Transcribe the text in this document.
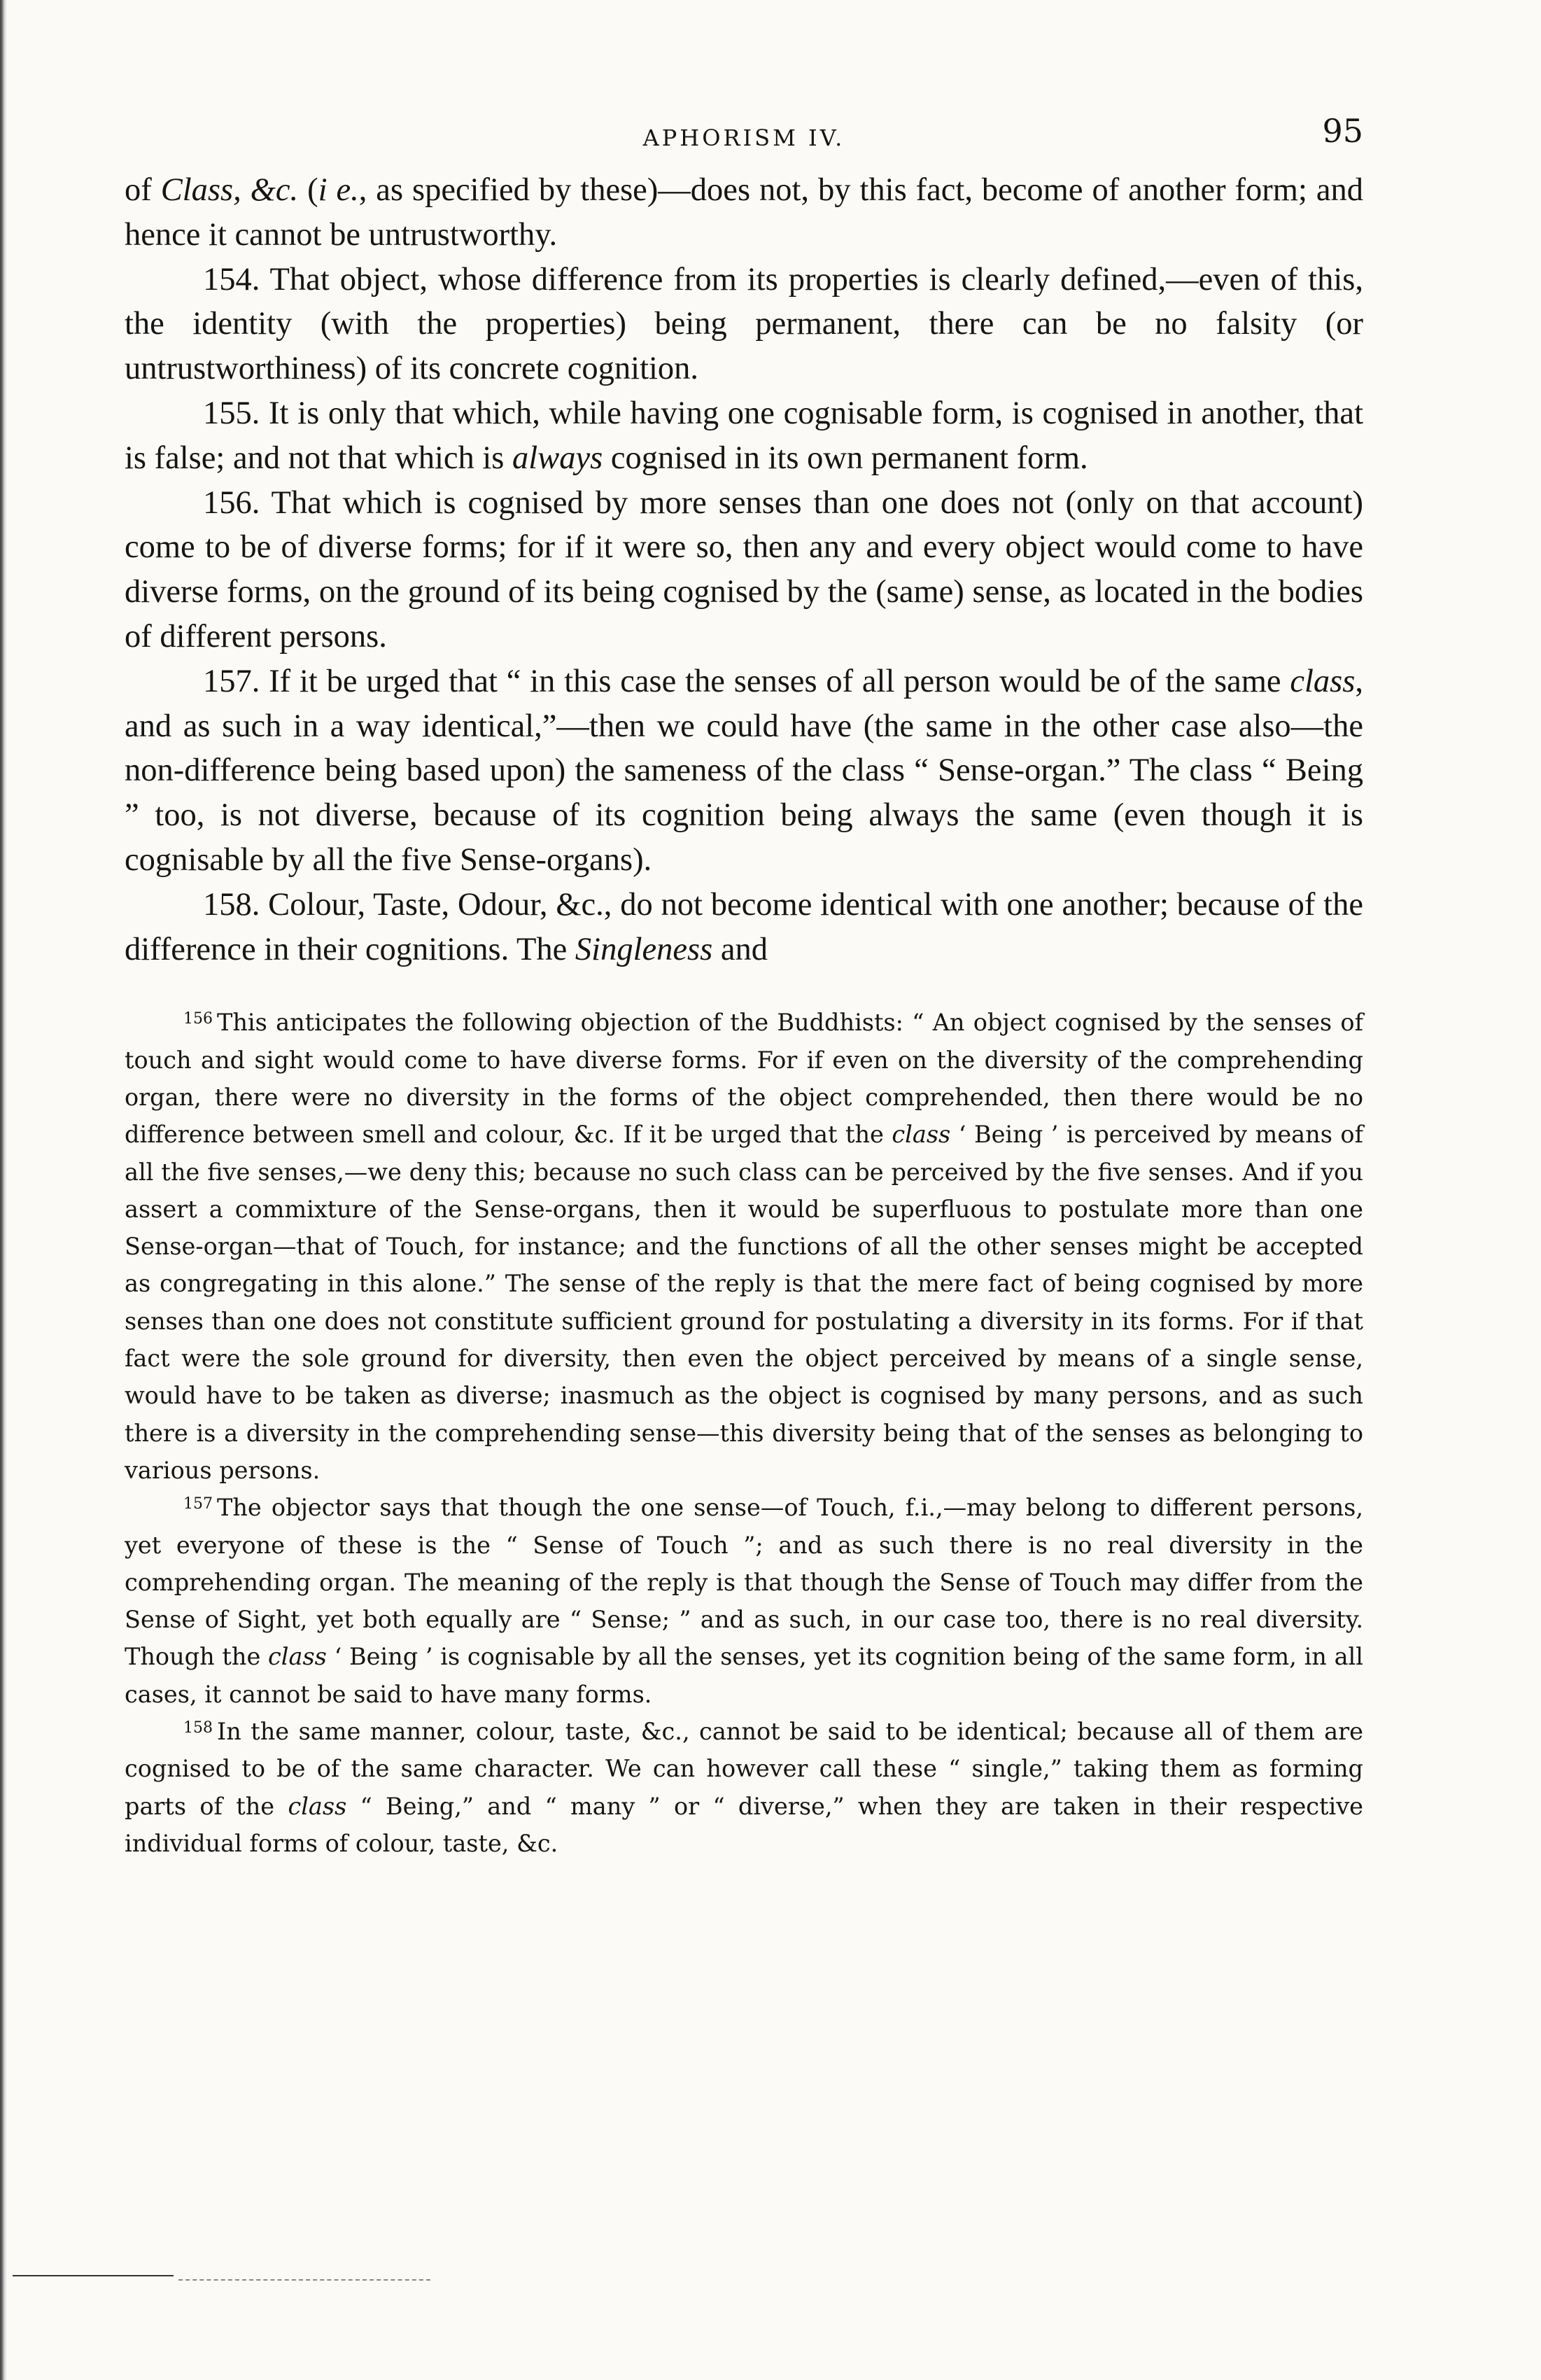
APHORISM IV.	95

of Class, &c. (i e., as specified by these)—does not, by this fact, become of another form; and hence it cannot be untrustworthy.

154. That object, whose difference from its properties is clearly defined,—even of this, the identity (with the properties) being permanent, there can be no falsity (or untrustworthiness) of its concrete cognition.

155. It is only that which, while having one cognisable form, is cognised in another, that is false; and not that which is always cognised in its own permanent form.

156. That which is cognised by more senses than one does not (only on that account) come to be of diverse forms; for if it were so, then any and every object would come to have diverse forms, on the ground of its being cognised by the (same) sense, as located in the bodies of different persons.

157. If it be urged that “ in this case the senses of all person would be of the same class, and as such in a way identical,”—then we could have (the same in the other case also—the non-difference being based upon) the sameness of the class “ Sense-organ.” The class “ Being ” too, is not diverse, because of its cognition being always the same (even though it is cognisable by all the five Sense-organs).

158. Colour, Taste, Odour, &c., do not become identical with one another; because of the difference in their cognitions. The Singleness and

$^{156}$ This anticipates the following objection of the Buddhists: “ An object cognised by the senses of touch and sight would come to have diverse forms. For if even on the diversity of the comprehending organ, there were no diversity in the forms of the object comprehended, then there would be no difference between smell and colour, &c. If it be urged that the class ‘ Being ’ is perceived by means of all the five senses,—we deny this; because no such class can be perceived by the five senses. And if you assert a commixture of the Sense-organs, then it would be superfluous to postulate more than one Sense-organ—that of Touch, for instance; and the functions of all the other senses might be accepted as congregating in this alone.” The sense of the reply is that the mere fact of being cognised by more senses than one does not constitute sufficient ground for postulating a diversity in its forms. For if that fact were the sole ground for diversity, then even the object perceived by means of a single sense, would have to be taken as diverse; inasmuch as the object is cognised by many persons, and as such there is a diversity in the comprehending sense—this diversity being that of the senses as belonging to various persons.

$^{157}$ The objector says that though the one sense—of Touch, f.i.,—may belong to different persons, yet everyone of these is the “ Sense of Touch ”; and as such there is no real diversity in the comprehending organ. The meaning of the reply is that though the Sense of Touch may differ from the Sense of Sight, yet both equally are “ Sense; ” and as such, in our case too, there is no real diversity. Though the class ‘ Being ’ is cognisable by all the senses, yet its cognition being of the same form, in all cases, it cannot be said to have many forms.

$^{158}$ In the same manner, colour, taste, &c., cannot be said to be identical; because all of them are cognised to be of the same character. We can however call these “ single,” taking them as forming parts of the class “ Being,” and “ many ” or “ diverse,” when they are taken in their respective individual forms of colour, taste, &c.
